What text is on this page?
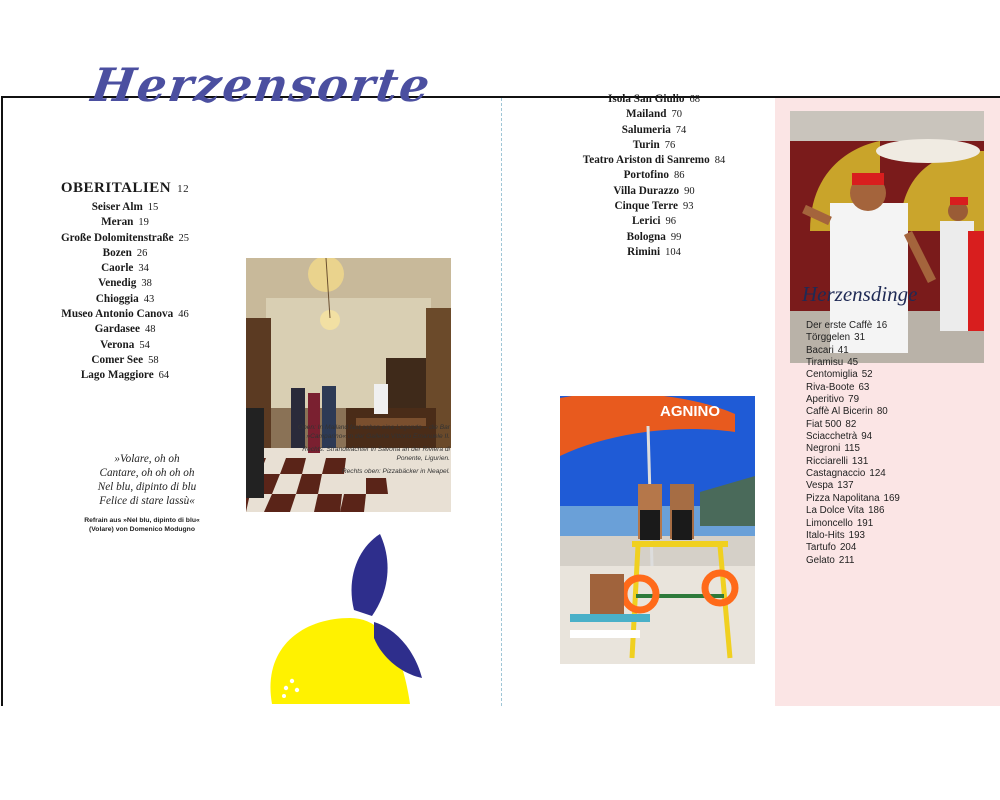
Herzensorte
OBERITALIEN 12
Seiser Alm 15
Meran 19
Große Dolomitenstraße 25
Bozen 26
Caorle 34
Venedig 38
Chioggia 43
Museo Antonio Canova 46
Gardasee 48
Verona 54
Comer See 58
Lago Maggiore 64
Isola San Giulio 68
Mailand 70
Salumeria 74
Turin 76
Teatro Ariston di Sanremo 84
Portofino 86
Villa Durazzo 90
Cinque Terre 93
Lerici 96
Bologna 99
Rimini 104

Oben: In Mailand fast schon eine Legende – die Bar »Camparino« in der Galleria Vittorio Emanuele II.

Rechts: Strandwächter in Savona an der Riviera di Ponente, Ligurien.

Rechts oben: Pizzabäcker in Neapel.

»Volare, oh oh
Cantare, oh oh oh oh
Nel blu, dipinto di blu
Felice di stare lassù«
Refrain aus »Nel blu, dipinto di blu«
(Volare) von Domenico Modugno
AGNINO
Herzensdinge
Der erste Caffè 16
Törggelen 31
Bacari 41
Tiramisu 45
Centomiglia 52
Riva-Boote 63
Aperitivo 79
Caffè Al Bicerin 80
Fiat 500 82
Sciacchetrà 94
Negroni 115
Ricciarelli 131
Castagnaccio 124
Vespa 137
Pizza Napolitana 169
La Dolce Vita 186
Limoncello 191
Italo-Hits 193
Tartufo 204
Gelato 211
